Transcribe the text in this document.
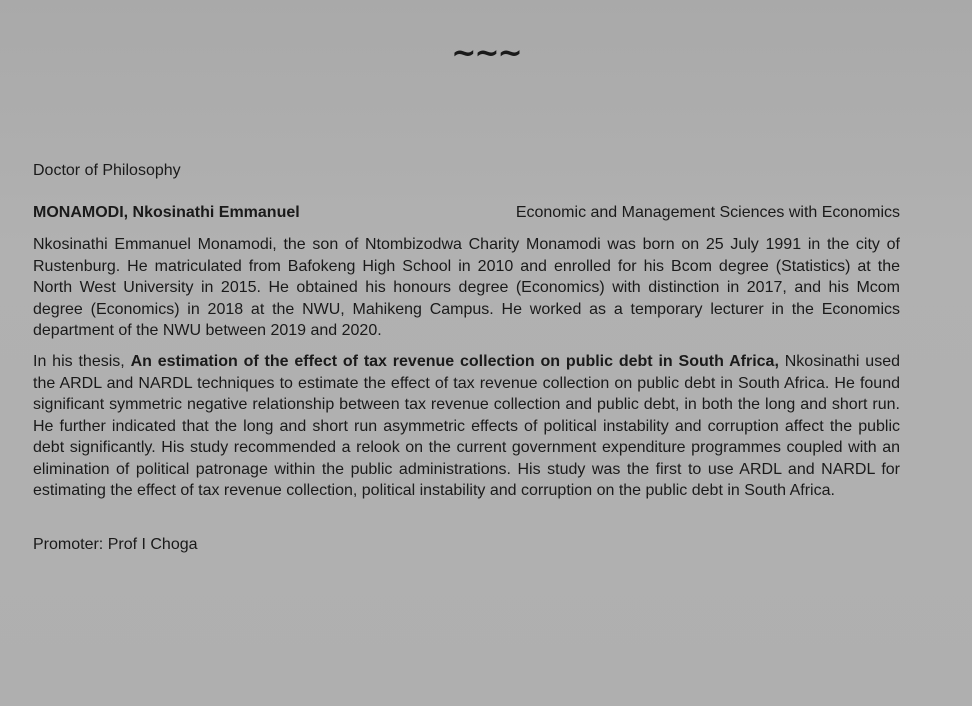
~~~
Doctor of Philosophy
MONAMODI, Nkosinathi Emmanuel	Economic and Management Sciences with Economics

Nkosinathi Emmanuel Monamodi, the son of Ntombizodwa Charity Monamodi was born on 25 July 1991 in the city of Rustenburg. He matriculated from Bafokeng High School in 2010 and enrolled for his Bcom degree (Statistics) at the North West University in 2015. He obtained his honours degree (Economics) with distinction in 2017, and his Mcom degree (Economics) in 2018 at the NWU, Mahikeng Campus. He worked as a temporary lecturer in the Economics department of the NWU between 2019 and 2020.

In his thesis, An estimation of the effect of tax revenue collection on public debt in South Africa, Nkosinathi used the ARDL and NARDL techniques to estimate the effect of tax revenue collection on public debt in South Africa. He found significant symmetric negative relationship between tax revenue collection and public debt, in both the long and short run. He further indicated that the long and short run asymmetric effects of political instability and corruption affect the public debt significantly. His study recommended a relook on the current government expenditure programmes coupled with an elimination of political patronage within the public administrations. His study was the first to use ARDL and NARDL for estimating the effect of tax revenue collection, political instability and corruption on the public debt in South Africa.

Promoter: Prof I Choga
